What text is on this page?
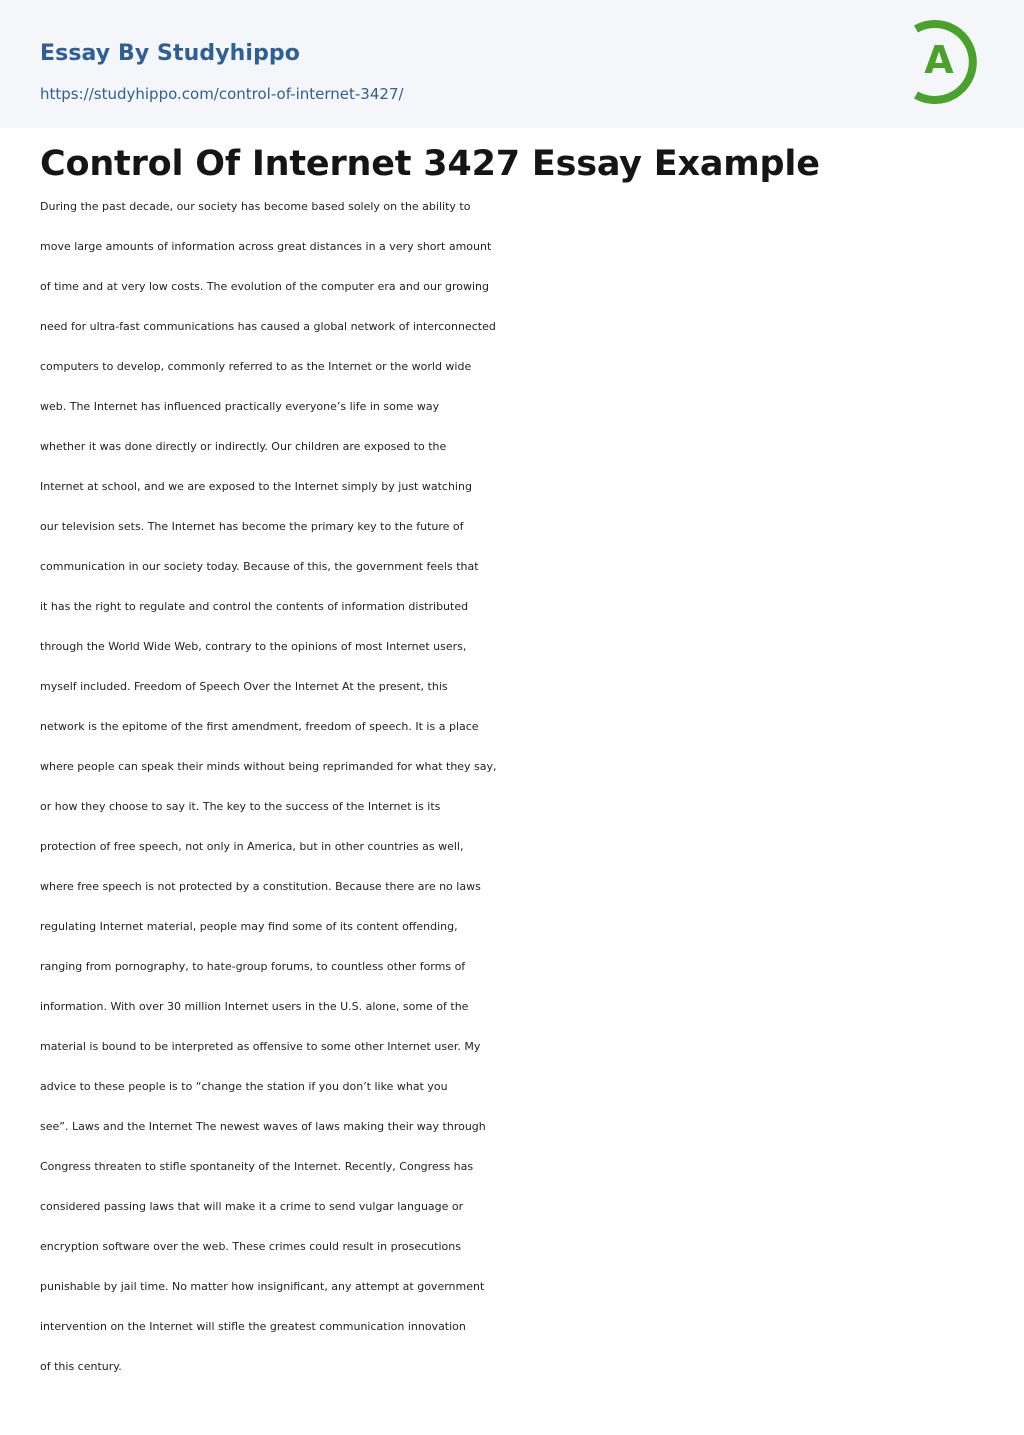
Essay By Studyhippo
https://studyhippo.com/control-of-internet-3427/
A
Control Of Internet 3427 Essay Example
During the past decade, our society has become based solely on the ability to
move large amounts of information across great distances in a very short amount
of time and at very low costs. The evolution of the computer era and our growing
need for ultra-fast communications has caused a global network of interconnected
computers to develop, commonly referred to as the Internet or the world wide
web. The Internet has influenced practically everyone’s life in some way
whether it was done directly or indirectly. Our children are exposed to the
Internet at school, and we are exposed to the Internet simply by just watching
our television sets. The Internet has become the primary key to the future of
communication in our society today. Because of this, the government feels that
it has the right to regulate and control the contents of information distributed
through the World Wide Web, contrary to the opinions of most Internet users,
myself included. Freedom of Speech Over the Internet At the present, this
network is the epitome of the first amendment, freedom of speech. It is a place
where people can speak their minds without being reprimanded for what they say,
or how they choose to say it. The key to the success of the Internet is its
protection of free speech, not only in America, but in other countries as well,
where free speech is not protected by a constitution. Because there are no laws
regulating Internet material, people may find some of its content offending,
ranging from pornography, to hate-group forums, to countless other forms of
information. With over 30 million Internet users in the U.S. alone, some of the
material is bound to be interpreted as offensive to some other Internet user. My
advice to these people is to “change the station if you don’t like what you
see”. Laws and the Internet The newest waves of laws making their way through
Congress threaten to stifle spontaneity of the Internet. Recently, Congress has
considered passing laws that will make it a crime to send vulgar language or
encryption software over the web. These crimes could result in prosecutions
punishable by jail time. No matter how insignificant, any attempt at government
intervention on the Internet will stifle the greatest communication innovation
of this century.
